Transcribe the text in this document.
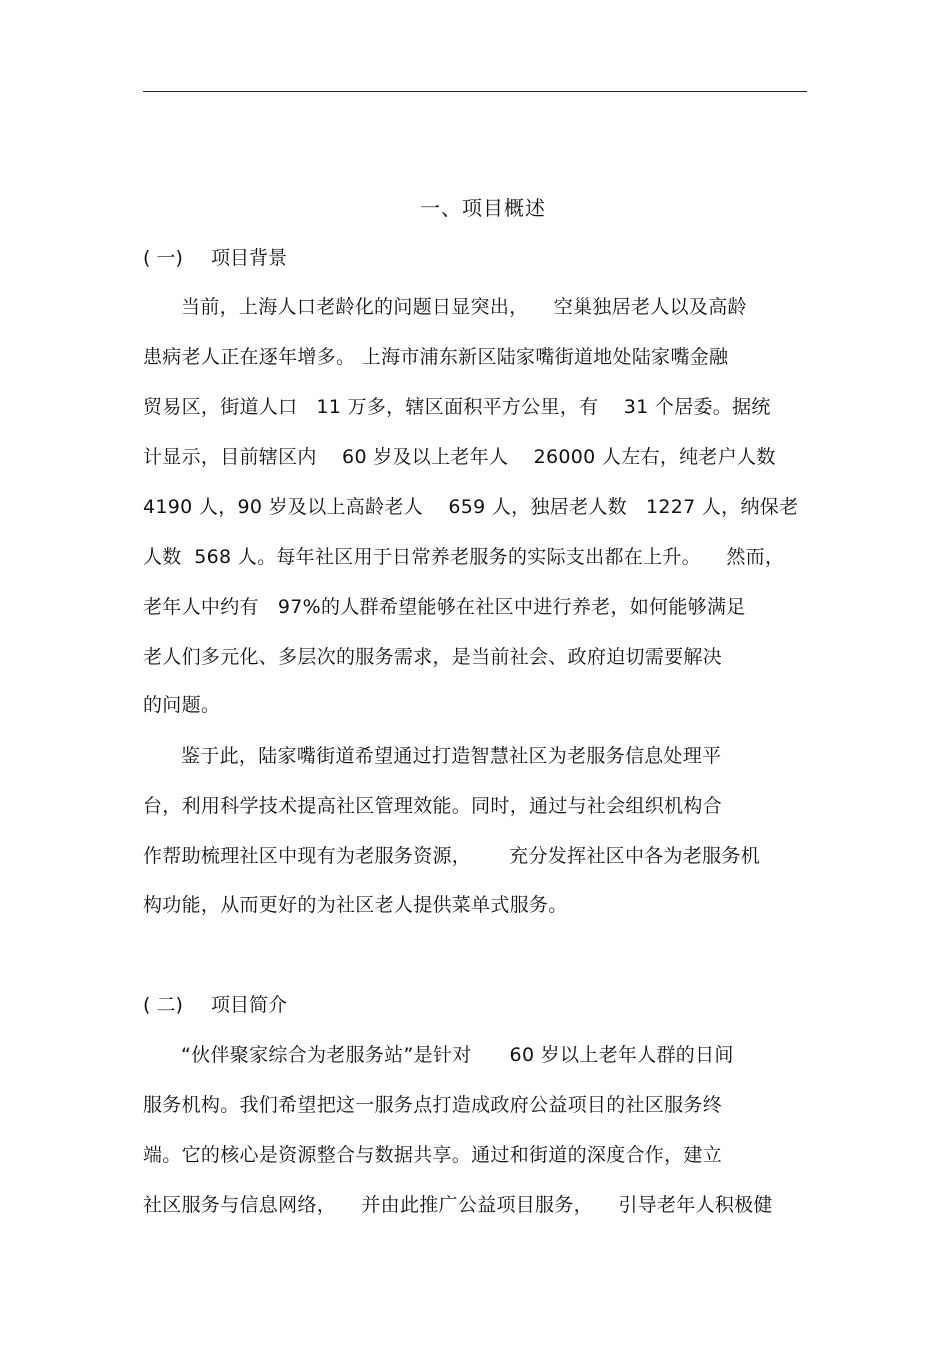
一、项目概述
( 一) 项目背景
当前，上海人口老龄化的问题日显突出，    空巢独居老人以及高龄
患病老人正在逐年增多。 上海市浦东新区陆家嘴街道地处陆家嘴金融
贸易区，街道人口   11 万多，辖区面积平方公里，有    31 个居委。据统
计显示，目前辖区内    60 岁及以上老年人    26000 人左右，纯老户人数
4190 人，90 岁及以上高龄老人    659 人，独居老人数   1227 人，纳保老
人数  568 人。每年社区用于日常养老服务的实际支出都在上升。    然而，
老年人中约有   97%的人群希望能够在社区中进行养老，如何能够满足
老人们多元化、多层次的服务需求，是当前社会、政府迫切需要解决
的问题。
鉴于此，陆家嘴街道希望通过打造智慧社区为老服务信息处理平
台，利用科学技术提高社区管理效能。同时，通过与社会组织机构合
作帮助梳理社区中现有为老服务资源，      充分发挥社区中各为老服务机
构功能，从而更好的为社区老人提供菜单式服务。
( 二) 项目简介
“伙伴聚家综合为老服务站”是针对      60 岁以上老年人群的日间
服务机构。我们希望把这一服务点打造成政府公益项目的社区服务终
端。它的核心是资源整合与数据共享。通过和街道的深度合作，建立
社区服务与信息网络，    并由此推广公益项目服务，    引导老年人积极健
